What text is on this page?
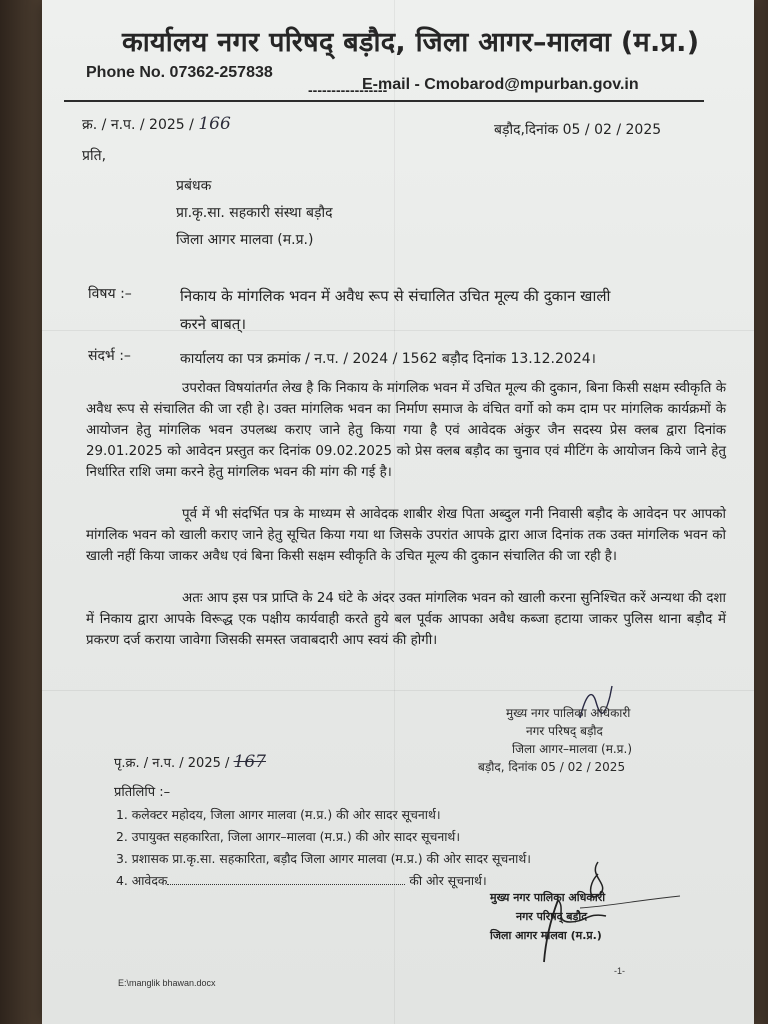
कार्यालय नगर परिषद् बड़ौद, जिला आगर–मालवा (म.प्र.)
Phone No. 07362-257838
-----------------
E-mail - Cmobarod@mpurban.gov.in
क्र. / न.प. / 2025 / 166	बड़ौद,दिनांक 05 / 02 / 2025
प्रति,
प्रबंधक
प्रा.कृ.सा. सहकारी संस्था बड़ौद
जिला आगर मालवा (म.प्र.)
विषय :–	निकाय के मांगलिक भवन में अवैध रूप से संचालित उचित मूल्य की दुकान खाली
करने बाबत्।
संदर्भ :–	कार्यालय का पत्र क्रमांक / न.प. / 2024 / 1562 बड़ौद दिनांक 13.12.2024।

उपरोक्त विषयांतर्गत लेख है कि निकाय के मांगलिक भवन में उचित मूल्य की दुकान, बिना किसी सक्षम स्वीकृति के अवैध रूप से संचालित की जा रही हे। उक्त मांगलिक भवन का निर्माण समाज के वंचित वर्गो को कम दाम पर मांगलिक कार्यक्रमों के आयोजन हेतु मांगलिक भवन उपलब्ध कराए जाने हेतु किया गया है एवं आवेदक अंकुर जैन सदस्य प्रेस क्लब द्वारा दिनांक 29.01.2025 को आवेदन प्रस्तुत कर दिनांक 09.02.2025 को प्रेस क्लब बड़ौद का चुनाव एवं मीटिंग के आयोजन किये जाने हेतु निर्धारित राशि जमा करने हेतु मांगलिक भवन की मांग की गई है।

पूर्व में भी संदर्भित पत्र के माध्यम से आवेदक शाबीर शेख पिता अब्दुल गनी निवासी बड़ौद के आवेदन पर आपको मांगलिक भवन को खाली कराए जाने हेतु सूचित किया गया था जिसके उपरांत आपके द्वारा आज दिनांक तक उक्त मांगलिक भवन को खाली नहीं किया जाकर अवैध एवं बिना किसी सक्षम स्वीकृति के उचित मूल्य की दुकान संचालित की जा रही है।

अतः आप इस पत्र प्राप्ति के 24 घंटे के अंदर उक्त मांगलिक भवन को खाली करना सुनिश्चित करें अन्यथा की दशा में निकाय द्वारा आपके विरूद्ध एक पक्षीय कार्यवाही करते हुये बल पूर्वक आपका अवैध कब्जा हटाया जाकर पुलिस थाना बड़ौद में प्रकरण दर्ज कराया जावेगा जिसकी समस्त जवाबदारी आप स्वयं की होगी।

मुख्य नगर पालिका अधिकारी
नगर परिषद् बड़ौद
जिला आगर–मालवा (म.प्र.)
बड़ौद, दिनांक 05 / 02 / 2025
पृ.क्र. / न.प. / 2025 / 167
प्रतिलिपि :–
1. कलेक्टर महोदय, जिला आगर मालवा (म.प्र.) की ओर सादर सूचनार्थ।
2. उपायुक्त सहकारिता, जिला आगर–मालवा (म.प्र.) की ओर सादर सूचनार्थ।
3. प्रशासक प्रा.कृ.सा. सहकारिता, बड़ौद जिला आगर मालवा (म.प्र.) की ओर सादर सूचनार्थ।
4. आवेदक	की ओर सूचनार्थ।
मुख्य नगर पालिका अधिकारी
नगर परिषद् बड़ौद
जिला आगर मालवा (म.प्र.)
E:\manglik bhawan.docx
-1-
